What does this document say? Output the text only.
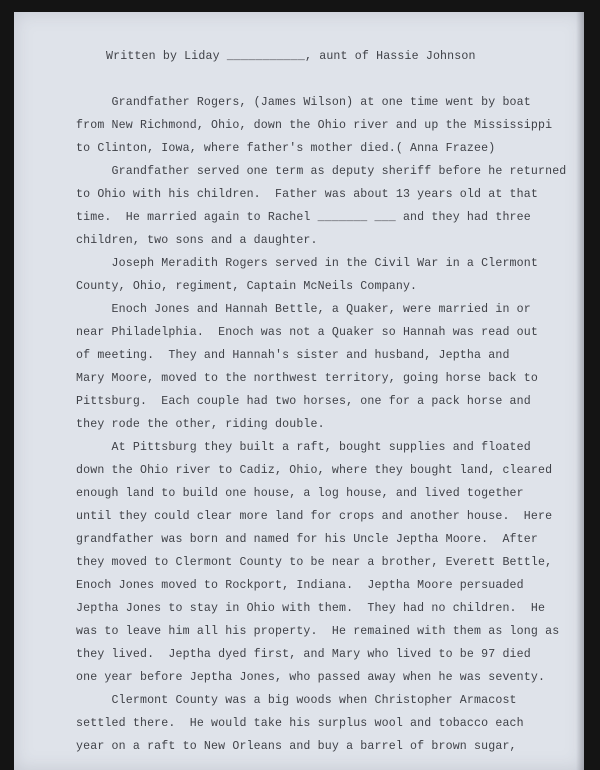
Written by Liday ___________, aunt of Hassie Johnson
Grandfather Rogers, (James Wilson) at one time went by boat
from New Richmond, Ohio, down the Ohio river and up the Mississippi
to Clinton, Iowa, where father's mother died.( Anna Frazee)
Grandfather served one term as deputy sheriff before he returned
to Ohio with his children.  Father was about 13 years old at that
time.  He married again to Rachel _______ ___ and they had three
children, two sons and a daughter.
Joseph Meradith Rogers served in the Civil War in a Clermont
County, Ohio, regiment, Captain McNeils Company.
Enoch Jones and Hannah Bettle, a Quaker, were married in or
near Philadelphia.  Enoch was not a Quaker so Hannah was read out
of meeting.  They and Hannah's sister and husband, Jeptha and
Mary Moore, moved to the northwest territory, going horse back to
Pittsburg.  Each couple had two horses, one for a pack horse and
they rode the other, riding double.
At Pittsburg they built a raft, bought supplies and floated
down the Ohio river to Cadiz, Ohio, where they bought land, cleared
enough land to build one house, a log house, and lived together
until they could clear more land for crops and another house.  Here
grandfather was born and named for his Uncle Jeptha Moore.  After
they moved to Clermont County to be near a brother, Everett Bettle,
Enoch Jones moved to Rockport, Indiana.  Jeptha Moore persuaded
Jeptha Jones to stay in Ohio with them.  They had no children.  He
was to leave him all his property.  He remained with them as long as
they lived.  Jeptha dyed first, and Mary who lived to be 97 died
one year before Jeptha Jones, who passed away when he was seventy.
Clermont County was a big woods when Christopher Armacost
settled there.  He would take his surplus wool and tobacco each
year on a raft to New Orleans and buy a barrel of brown sugar,
